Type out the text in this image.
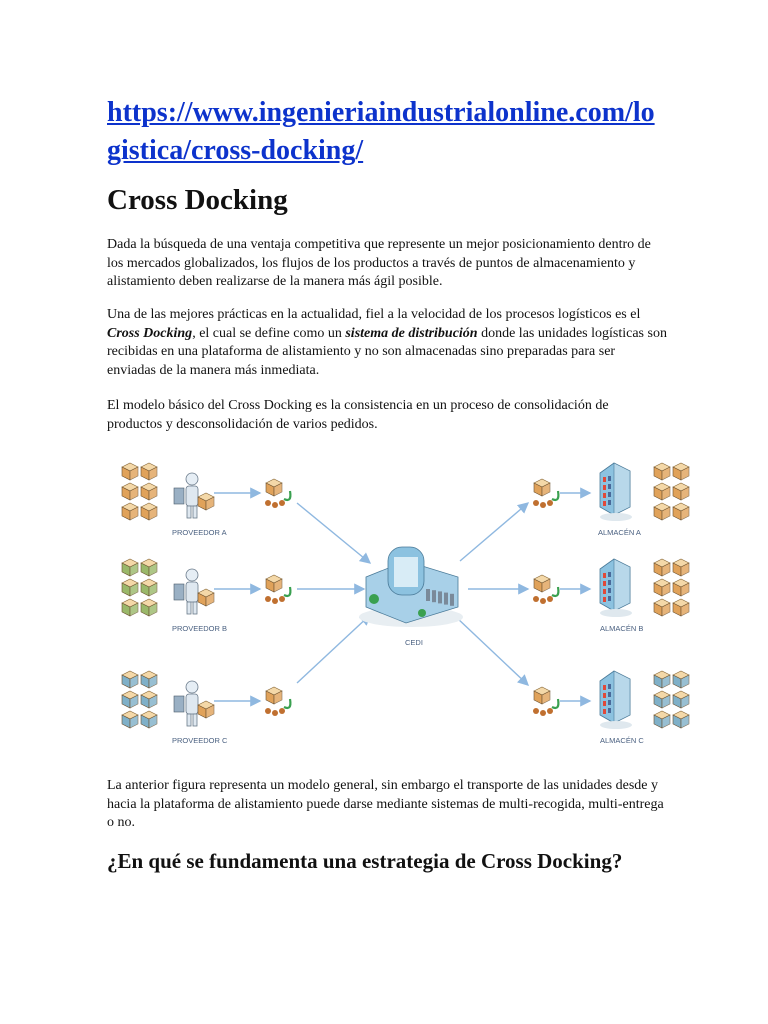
https://www.ingenieriaindustrialonline.com/logistica/cross-docking/
Cross Docking

Dada la búsqueda de una ventaja competitiva que represente un mejor posicionamiento dentro de los mercados globalizados, los flujos de los productos a través de puntos de almacenamiento y alistamiento deben realizarse de la manera más ágil posible.

Una de las mejores prácticas en la actualidad, fiel a la velocidad de los procesos logísticos es el Cross Docking, el cual se define como un sistema de distribución donde las unidades logísticas son recibidas en una plataforma de alistamiento y no son almacenadas sino preparadas para ser enviadas de la manera más inmediata.

El modelo básico del Cross Docking es la consistencia en un proceso de consolidación de productos y desconsolidación de varios pedidos.

PROVEEDOR A
PROVEEDOR B
PROVEEDOR C
CEDI
ALMACÉN A
ALMACÉN B
ALMACÉN C

La anterior figura representa un modelo general, sin embargo el transporte de las unidades desde y hacia la plataforma de alistamiento puede darse mediante sistemas de multi-recogida, multi-entrega o no.

¿En qué se fundamenta una estrategia de Cross Docking?
